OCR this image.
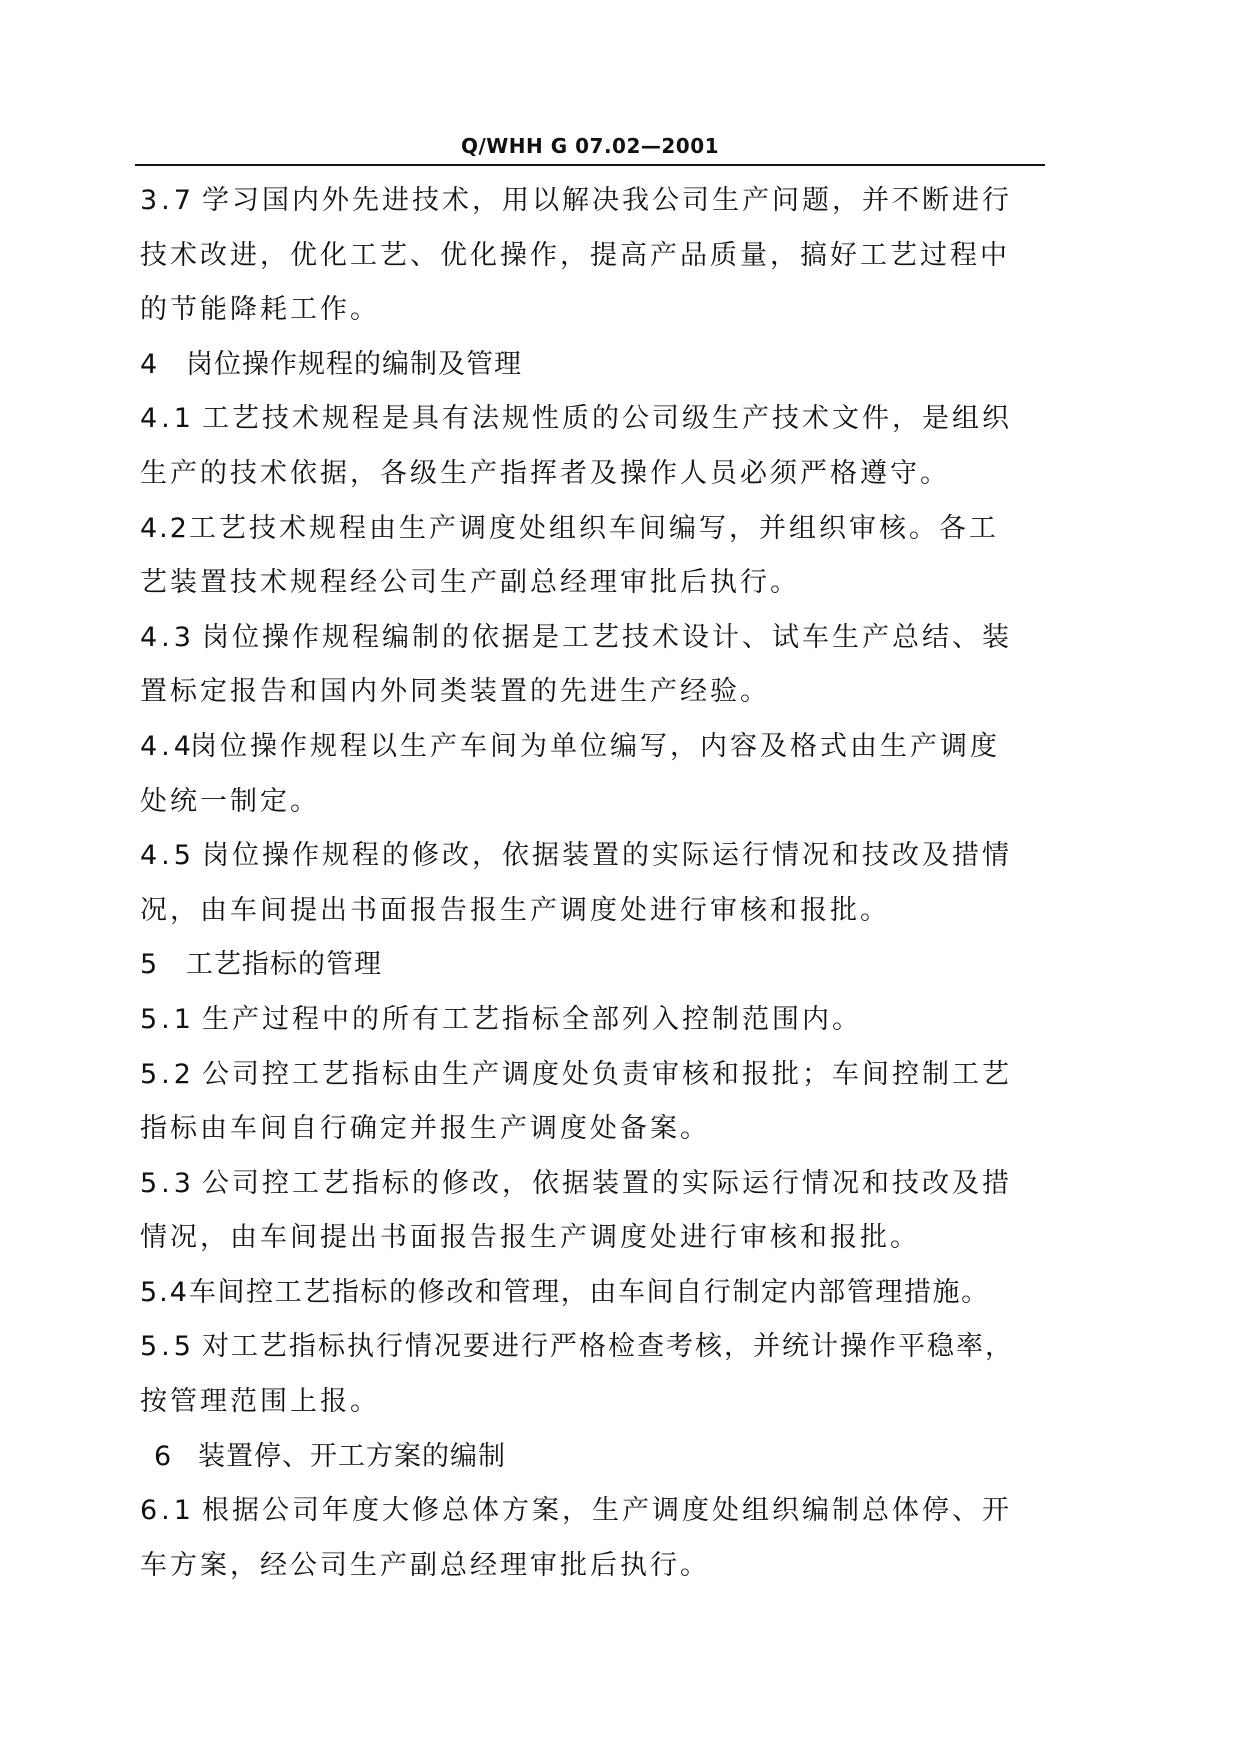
Q/WHH G 07.02—2001
3.7 学习国内外先进技术，用以解决我公司生产问题，并不断进行
技术改进，优化工艺、优化操作，提高产品质量，搞好工艺过程中
的节能降耗工作。
4 岗位操作规程的编制及管理
4.1 工艺技术规程是具有法规性质的公司级生产技术文件，是组织
生产的技术依据，各级生产指挥者及操作人员必须严格遵守。
4.2工艺技术规程由生产调度处组织车间编写，并组织审核。各工
艺装置技术规程经公司生产副总经理审批后执行。
4.3 岗位操作规程编制的依据是工艺技术设计、试车生产总结、装
置标定报告和国内外同类装置的先进生产经验。
4.4岗位操作规程以生产车间为单位编写，内容及格式由生产调度
处统一制定。
4.5 岗位操作规程的修改，依据装置的实际运行情况和技改及措情
况，由车间提出书面报告报生产调度处进行审核和报批。
5 工艺指标的管理
5.1 生产过程中的所有工艺指标全部列入控制范围内。
5.2 公司控工艺指标由生产调度处负责审核和报批；车间控制工艺
指标由车间自行确定并报生产调度处备案。
5.3 公司控工艺指标的修改，依据装置的实际运行情况和技改及措
情况，由车间提出书面报告报生产调度处进行审核和报批。
5.4车间控工艺指标的修改和管理，由车间自行制定内部管理措施。
5.5 对工艺指标执行情况要进行严格检查考核，并统计操作平稳率，
按管理范围上报。
6 装置停、开工方案的编制
6.1 根据公司年度大修总体方案，生产调度处组织编制总体停、开
车方案，经公司生产副总经理审批后执行。
